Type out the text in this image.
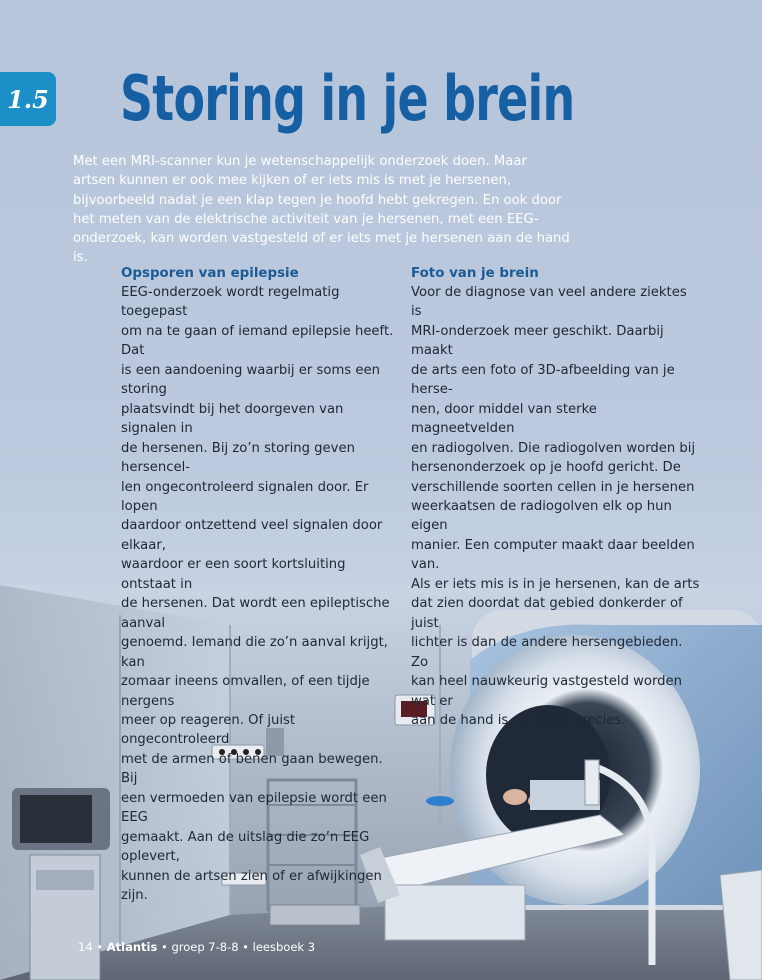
1.5 Storing in je brein

Met een MRI-scanner kun je wetenschappelijk onderzoek doen. Maar artsen kunnen er ook mee kijken of er iets mis is met je hersenen, bijvoorbeeld nadat je een klap tegen je hoofd hebt gekregen. En ook door het meten van de elektrische activiteit van je hersenen, met een EEG-onderzoek, kan worden vastgesteld of er iets met je hersenen aan de hand is.

Opsporen van epilepsie

EEG-onderzoek wordt regelmatig toegepast
om na te gaan of iemand epilepsie heeft. Dat
is een aandoening waarbij er soms een storing
plaatsvindt bij het doorgeven van signalen in
de hersenen. Bij zo’n storing geven hersencel-
len ongecontroleerd signalen door. Er lopen
daardoor ontzettend veel signalen door elkaar,
waardoor er een soort kortsluiting ontstaat in
de hersenen. Dat wordt een epileptische aanval
genoemd. Iemand die zo’n aanval krijgt, kan
zomaar ineens omvallen, of een tijdje nergens
meer op reageren. Of juist ongecontroleerd
met de armen of benen gaan bewegen. Bij
een vermoeden van epilepsie wordt een EEG
gemaakt. Aan de uitslag die zo’n EEG oplevert,
kunnen de artsen zien of er afwijkingen zijn.

Foto van je brein

Voor de diagnose van veel andere ziektes is
MRI-onderzoek meer geschikt. Daarbij maakt
de arts een foto of 3D-afbeelding van je herse-
nen, door middel van sterke magneetvelden
en radiogolven. Die radiogolven worden bij
hersenonderzoek op je hoofd gericht. De
verschillende soorten cellen in je hersenen
weerkaatsen de radiogolven elk op hun eigen
manier. Een computer maakt daar beelden van.
Als er iets mis is in je hersenen, kan de arts
dat zien doordat dat gebied donkerder of juist
lichter is dan de andere hersengebieden. Zo
kan heel nauwkeurig vastgesteld worden wat er
aan de hand is, en waar precies.

14 • Atlantis • groep 7-8-8 • leesboek 3
